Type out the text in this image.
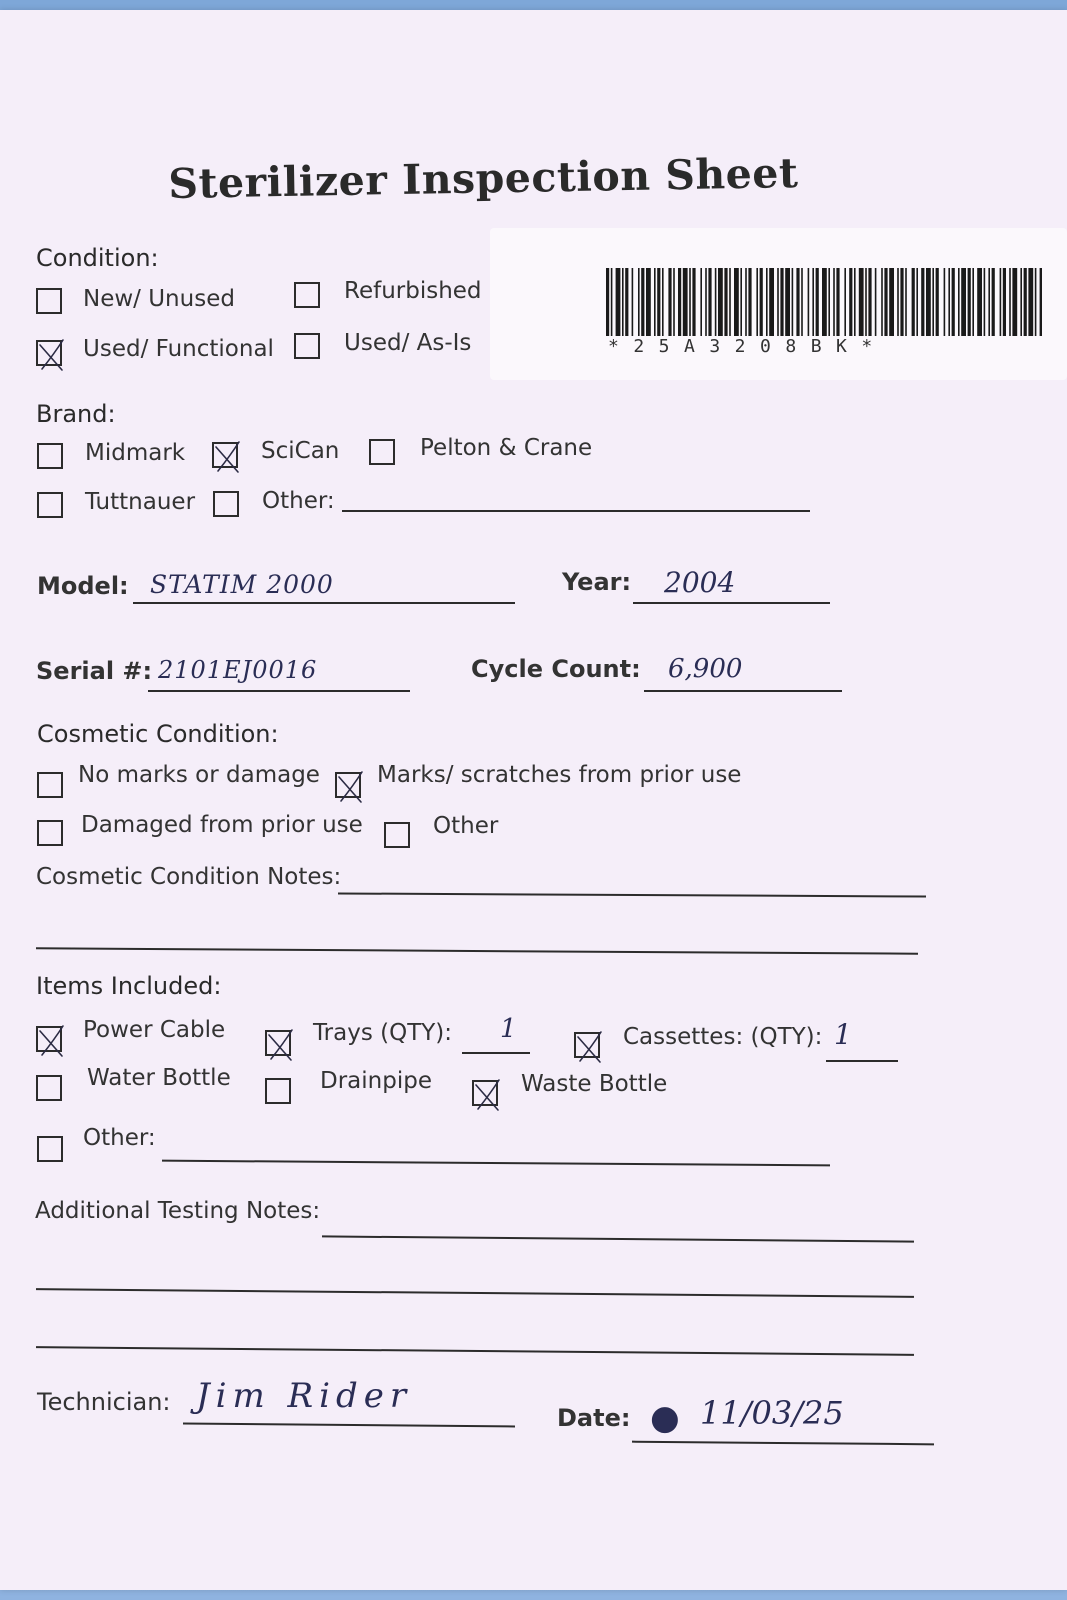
Sterilizer Inspection Sheet
*25A3208BK*
Condition:
New/ Unused	Refurbished
Used/ Functional	Used/ As-Is
Brand:
Midmark	SciCan	Pelton & Crane
Tuttnauer	Other:
Model: STATIM 2000	Year: 2004
Serial #: 2101EJ0016	Cycle Count: 6,900
Cosmetic Condition:
No marks or damage Marks/ scratches from prior use
Damaged from prior use	Other
Cosmetic Condition Notes:
Items Included:
Power Cable	Trays (QTY): 1	Cassettes: (QTY): 1
Water Bottle	Drainpipe	Waste Bottle
Other:
Additional Testing Notes:
Technician: Jim Rider
Date: ● 11/03/25
